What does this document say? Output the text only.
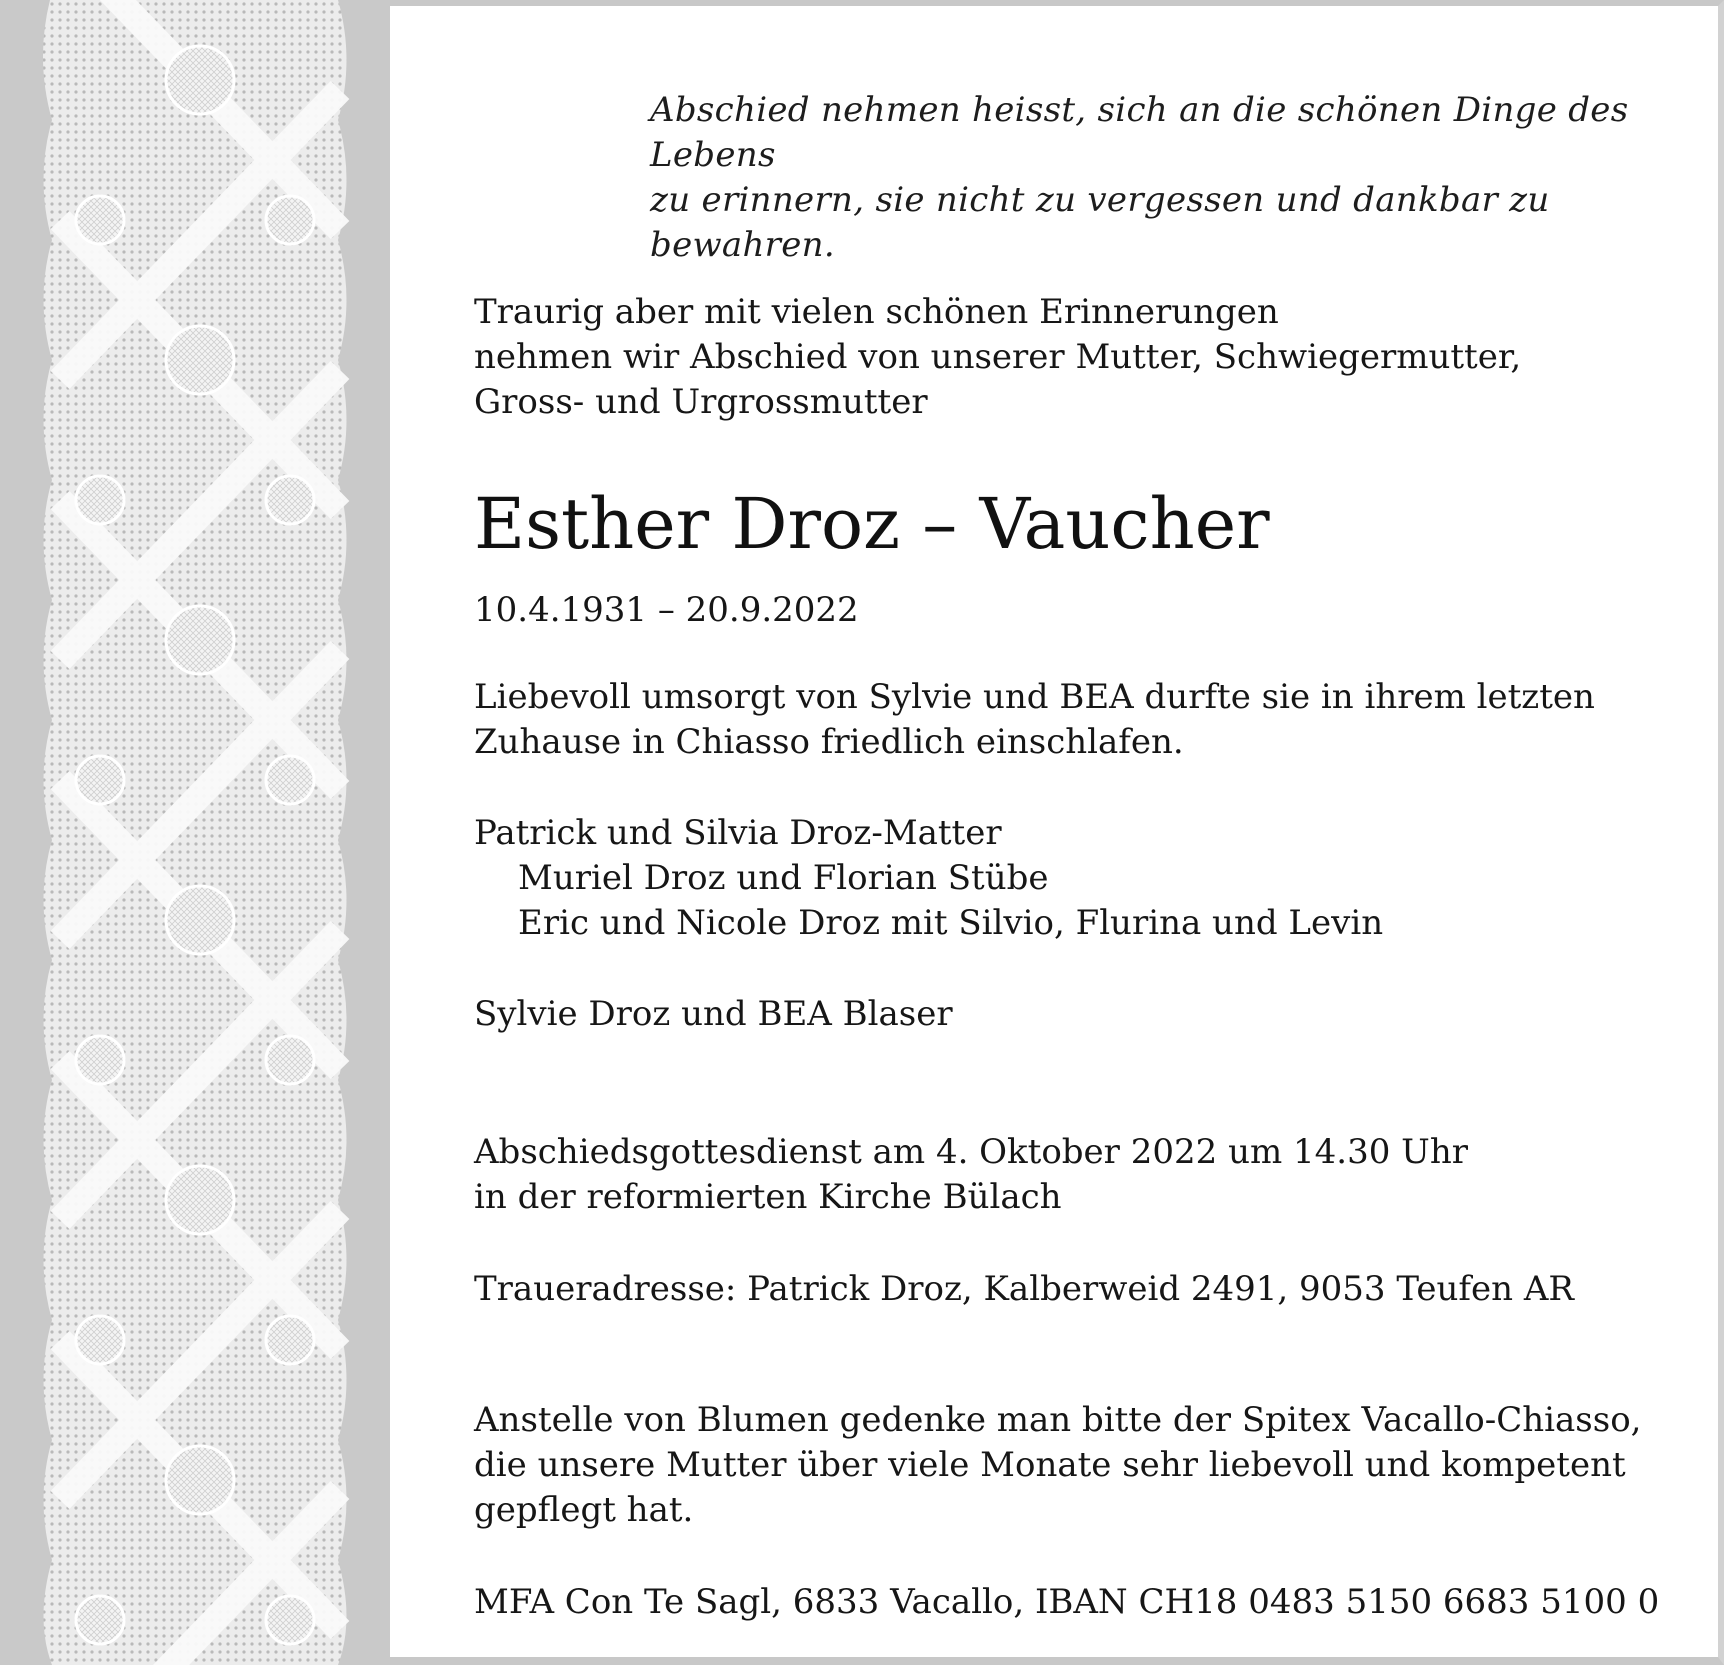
Abschied nehmen heisst, sich an die schönen Dinge des Lebens
zu erinnern, sie nicht zu vergessen und dankbar zu bewahren.
Traurig aber mit vielen schönen Erinnerungen
nehmen wir Abschied von unserer Mutter, Schwiegermutter,
Gross- und Urgrossmutter
Esther Droz – Vaucher
10.4.1931 – 20.9.2022
Liebevoll umsorgt von Sylvie und BEA durfte sie in ihrem letzten
Zuhause in Chiasso friedlich einschlafen.
Patrick und Silvia Droz-Matter
Muriel Droz und Florian Stübe
Eric und Nicole Droz mit Silvio, Flurina und Levin
Sylvie Droz und BEA Blaser
Abschiedsgottesdienst am 4. Oktober 2022 um 14.30 Uhr
in der reformierten Kirche Bülach
Traueradresse: Patrick Droz, Kalberweid 2491, 9053 Teufen AR
Anstelle von Blumen gedenke man bitte der Spitex Vacallo-Chiasso,
die unsere Mutter über viele Monate sehr liebevoll und kompetent
gepflegt hat.
MFA Con Te Sagl, 6833 Vacallo, IBAN CH18 0483 5150 6683 5100 0
